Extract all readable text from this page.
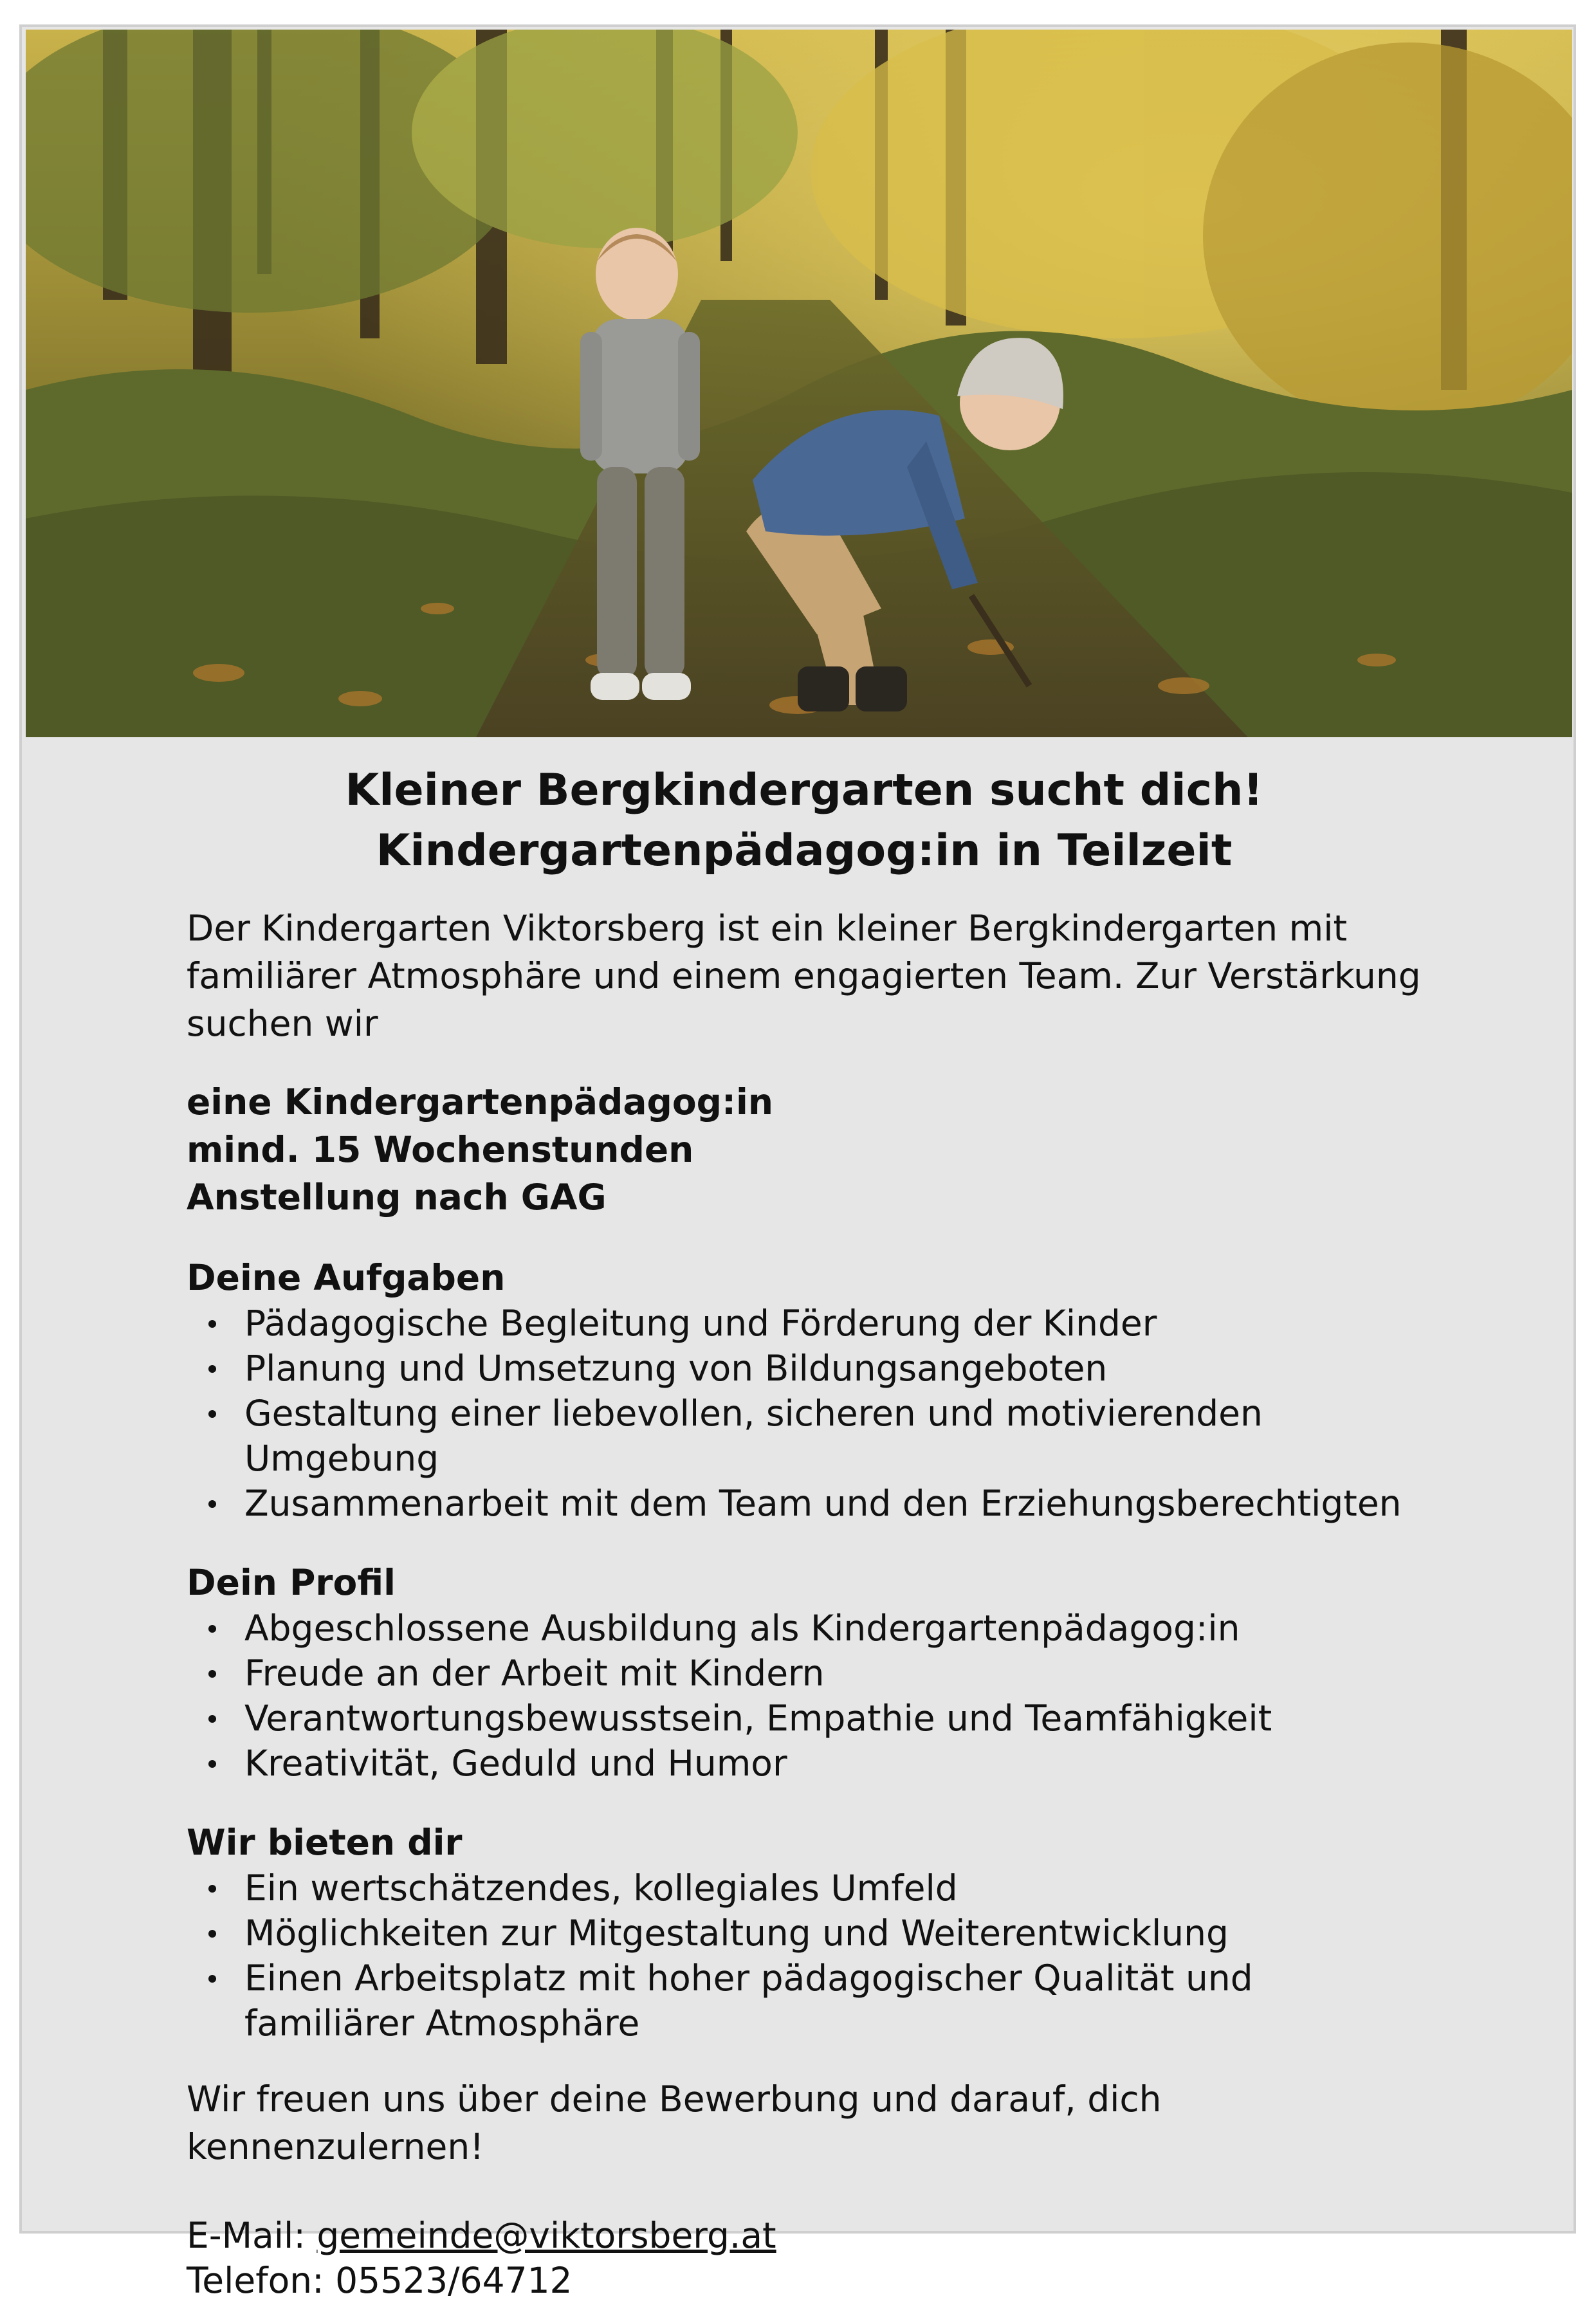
Kleiner Bergkindergarten sucht dich!
Kindergartenpädagog:in in Teilzeit

Der Kindergarten Viktorsberg ist ein kleiner Bergkindergarten mit familiärer Atmosphäre und einem engagierten Team. Zur Verstärkung suchen wir

eine Kindergartenpädagog:in
mind. 15 Wochenstunden
Anstellung nach GAG
Deine Aufgaben
Pädagogische Begleitung und Förderung der Kinder
Planung und Umsetzung von Bildungsangeboten
Gestaltung einer liebevollen, sicheren und motivierenden Umgebung
Zusammenarbeit mit dem Team und den Erziehungsberechtigten
Dein Profil
Abgeschlossene Ausbildung als Kindergartenpädagog:in
Freude an der Arbeit mit Kindern
Verantwortungsbewusstsein, Empathie und Teamfähigkeit
Kreativität, Geduld und Humor
Wir bieten dir
Ein wertschätzendes, kollegiales Umfeld
Möglichkeiten zur Mitgestaltung und Weiterentwicklung
Einen Arbeitsplatz mit hoher pädagogischer Qualität und familiärer Atmosphäre

Wir freuen uns über deine Bewerbung und darauf, dich kennenzulernen!

E-Mail: gemeinde@viktorsberg.at
Telefon: 05523/64712
